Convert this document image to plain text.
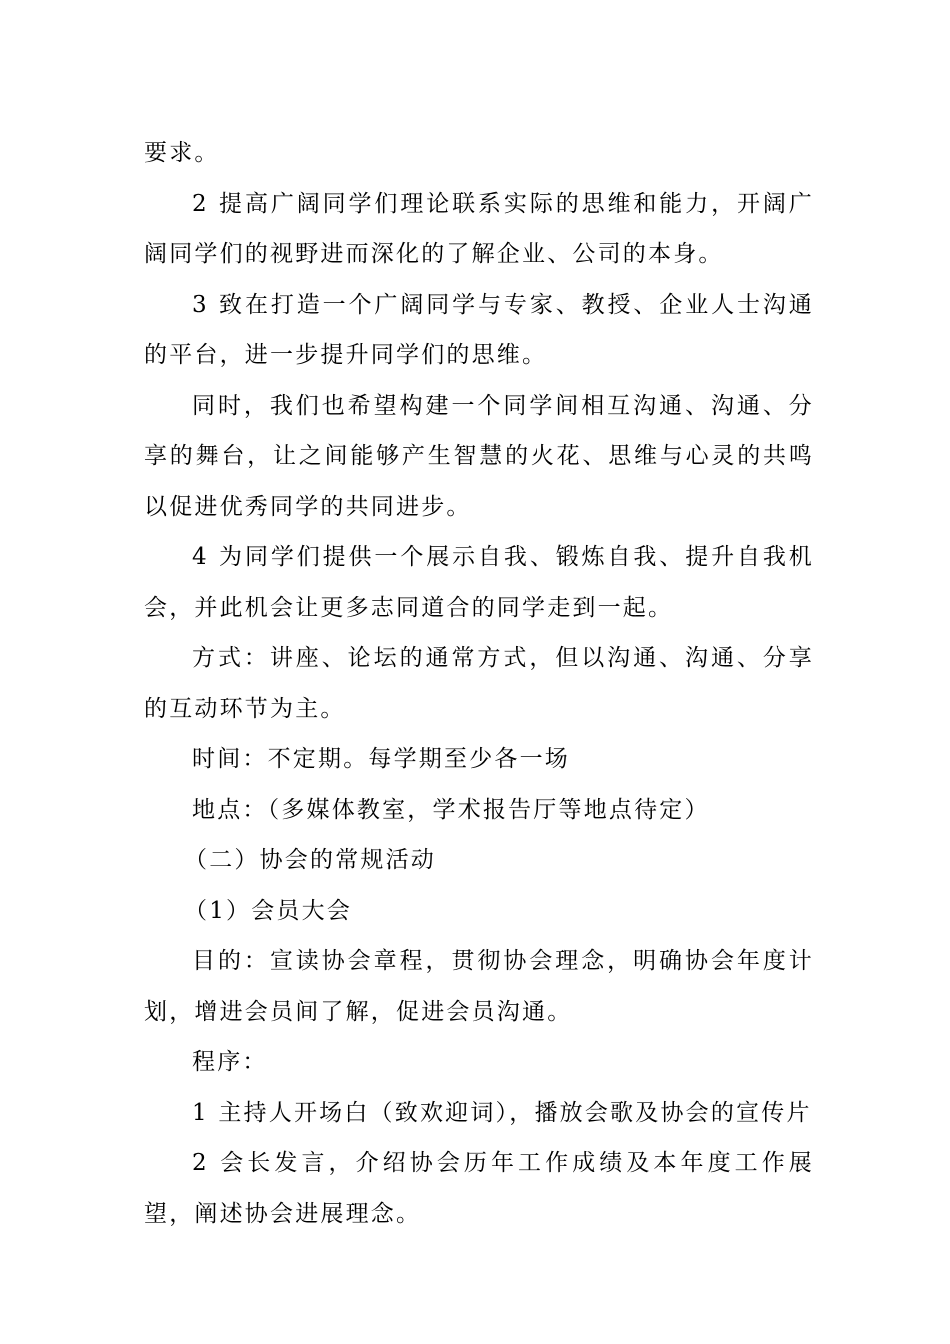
要求。

2 提高广阔同学们理论联系实际的思维和能力，开阔广阔同学们的视野进而深化的了解企业、公司的本身。

3 致在打造一个广阔同学与专家、教授、企业人士沟通的平台，进一步提升同学们的思维。

同时，我们也希望构建一个同学间相互沟通、沟通、分享的舞台，让之间能够产生智慧的火花、思维与心灵的共鸣以促进优秀同学的共同进步。

4 为同学们提供一个展示自我、锻炼自我、提升自我机会，并此机会让更多志同道合的同学走到一起。

方式：讲座、论坛的通常方式，但以沟通、沟通、分享的互动环节为主。

时间：不定期。每学期至少各一场

地点：（多媒体教室，学术报告厅等地点待定）

（二）协会的常规活动

（1）会员大会

目的：宣读协会章程，贯彻协会理念，明确协会年度计划，增进会员间了解，促进会员沟通。

程序：

1 主持人开场白（致欢迎词），播放会歌及协会的宣传片

2 会长发言，介绍协会历年工作成绩及本年度工作展望，阐述协会进展理念。
